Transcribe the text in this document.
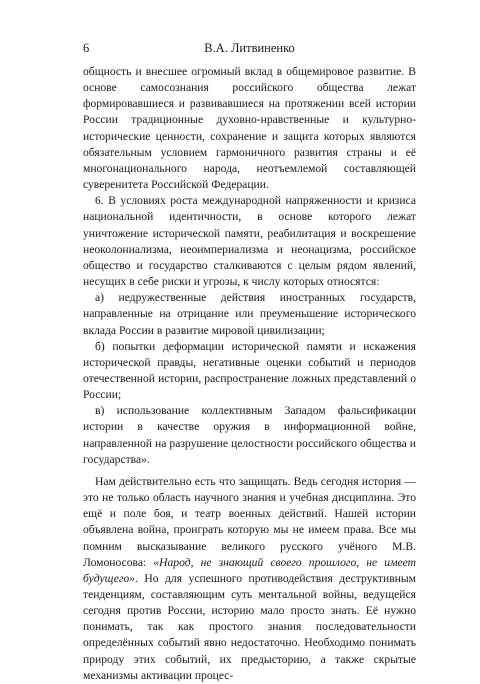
6	В.А. Литвиненко

общность и внесшее огромный вклад в общемировое развитие. В основе самосознания российского общества лежат формировавшиеся и развивавшиеся на протяжении всей истории России традиционные духовно-нравственные и культурно-исторические ценности, сохранение и защита которых являются обязательным условием гармоничного развития страны и её многонационального народа, неотъемлемой составляющей суверенитета Российской Федерации.

6. В условиях роста международной напряженности и кризиса национальной идентичности, в основе которого лежат уничтожение исторической памяти, реабилитация и воскрешение неоколониализма, неоимпериализма и неонацизма, российское общество и государство сталкиваются с целым рядом явлений, несущих в себе риски и угрозы, к числу которых относятся:

а) недружественные действия иностранных государств, направленные на отрицание или преуменьшение исторического вклада России в развитие мировой цивилизации;

б) попытки деформации исторической памяти и искажения исторической правды, негативные оценки событий и периодов отечественной истории, распространение ложных представлений о России;

в) использование коллективным Западом фальсификации истории в качестве оружия в информационной войне, направленной на разрушение целостности российского общества и государства».

Нам действительно есть что защищать. Ведь сегодня история — это не только область научного знания и учебная дисциплина. Это ещё и поле боя, и театр военных действий. Нашей истории объявлена война, проиграть которую мы не имеем права. Все мы помним высказывание великого русского учёного М.В. Ломоносова: «Народ, не знающий своего прошлого, не имеет будущего». Но для успешного противодействия деструктивным тенденциям, составляющим суть ментальной войны, ведущейся сегодня против России, историю мало просто знать. Её нужно понимать, так как простого знания последовательности определённых событий явно недостаточно. Необходимо понимать природу этих событий, их предысторию, а также скрытые механизмы активации процес-
